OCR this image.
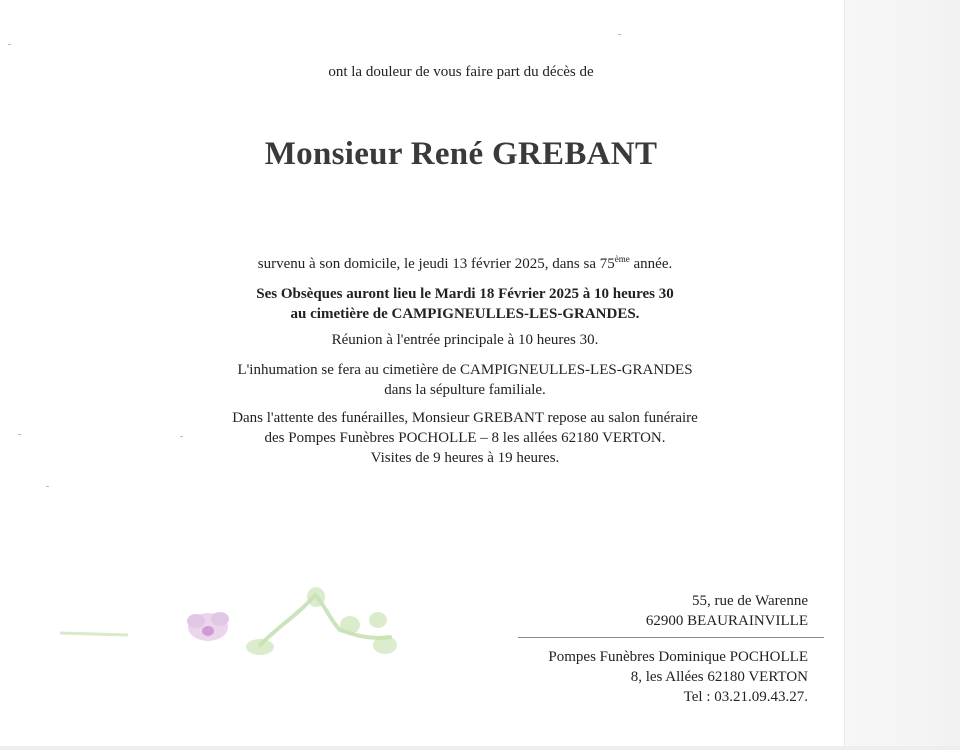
ont la douleur de vous faire part du décès de
Monsieur René GREBANT
survenu à son domicile, le jeudi 13 février 2025, dans sa 75ème année.
Ses Obsèques auront lieu le Mardi 18 Février 2025 à 10 heures 30
au cimetière de CAMPIGNEULLES-LES-GRANDES.
Réunion à l'entrée principale à 10 heures 30.
L'inhumation se fera au cimetière de CAMPIGNEULLES-LES-GRANDES
dans la sépulture familiale.
Dans l'attente des funérailles, Monsieur GREBANT repose au salon funéraire
des Pompes Funèbres POCHOLLE – 8 les allées 62180 VERTON.
Visites de 9 heures à 19 heures.
55, rue de Warenne
62900 BEAURAINVILLE
Pompes Funèbres Dominique POCHOLLE
8, les Allées 62180 VERTON
Tel : 03.21.09.43.27.
